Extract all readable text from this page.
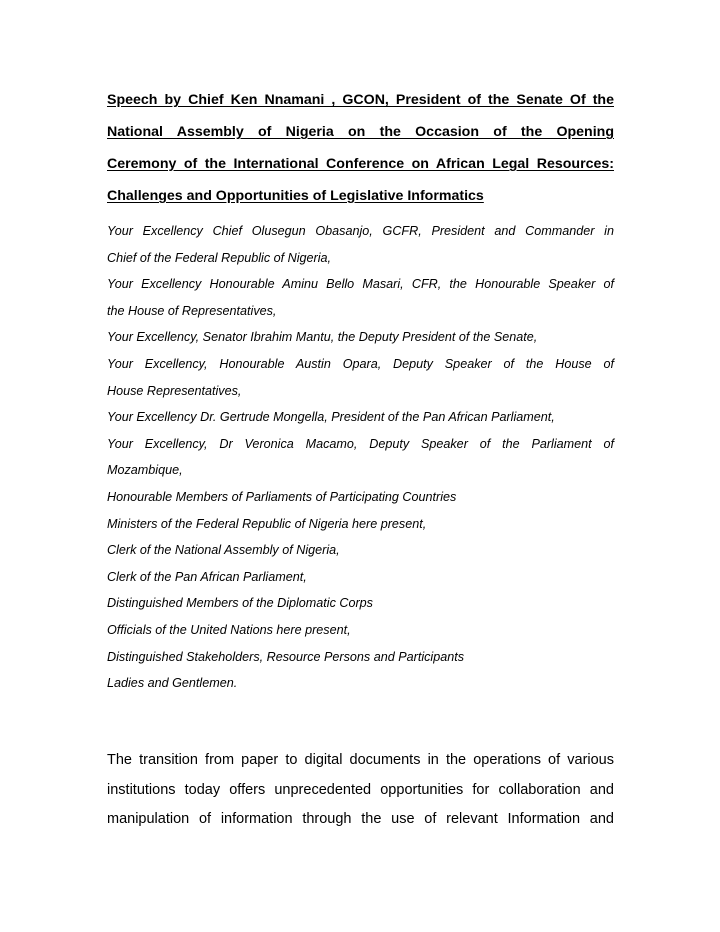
Speech by Chief Ken Nnamani , GCON, President of the Senate Of the
National Assembly of Nigeria on the Occasion of the Opening
Ceremony of the International Conference on African Legal Resources:
Challenges and Opportunities of Legislative Informatics
Your Excellency Chief Olusegun Obasanjo, GCFR, President and Commander in
Chief of the Federal Republic of Nigeria,
Your Excellency Honourable Aminu Bello Masari, CFR, the Honourable Speaker of
the House of Representatives,
Your Excellency, Senator Ibrahim Mantu, the Deputy President of the Senate,
Your Excellency, Honourable Austin Opara, Deputy Speaker of the House of
House Representatives,
Your Excellency Dr. Gertrude Mongella, President of the Pan African Parliament,
Your Excellency, Dr Veronica Macamo, Deputy Speaker of the Parliament of
Mozambique,
Honourable Members of Parliaments of Participating Countries
Ministers of the Federal Republic of Nigeria here present,
Clerk of the National Assembly of Nigeria,
Clerk of the Pan African Parliament,
Distinguished Members of the Diplomatic Corps
Officials of the United Nations here present,
Distinguished Stakeholders, Resource Persons and Participants
Ladies and Gentlemen.
The transition from paper to digital documents in the operations of various
institutions today offers unprecedented opportunities for collaboration and
manipulation of information through the use of relevant Information and
